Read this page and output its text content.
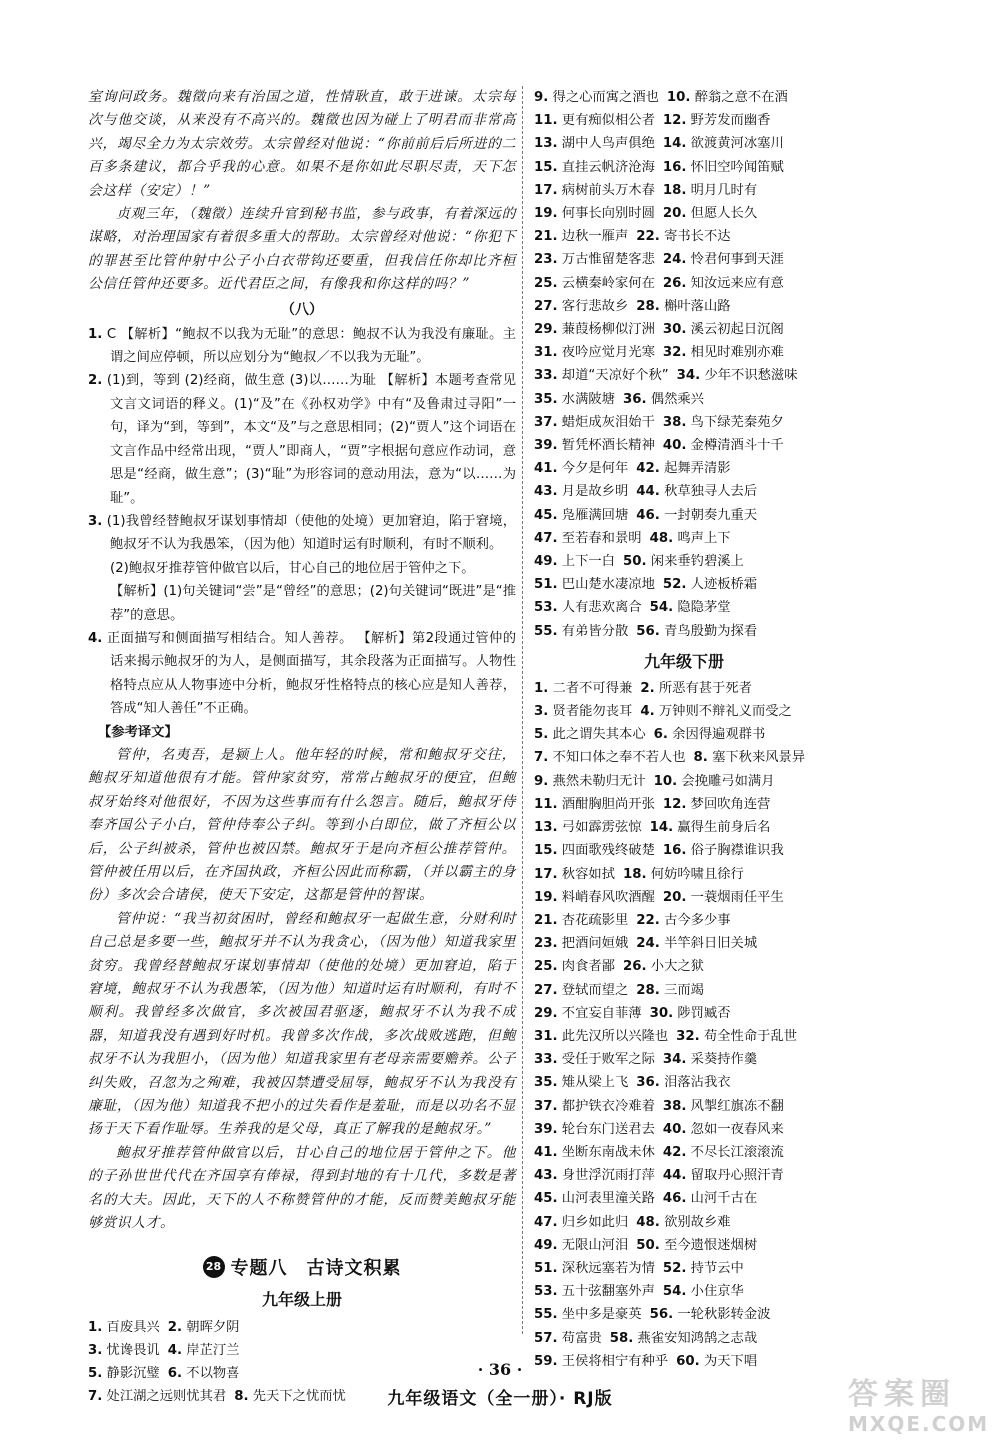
室询问政务。魏徵向来有治国之道，性情耿直，敢于进谏。太宗每次与他交谈，从来没有不高兴的。魏徵也因为碰上了明君而非常高兴，竭尽全力为太宗效劳。太宗曾经对他说：“你前前后后所进的二百多条建议，都合乎我的心意。如果不是你如此尽职尽责，天下怎会这样（安定）！”

贞观三年，（魏徵）连续升官到秘书监，参与政事，有着深远的谋略，对治理国家有着很多重大的帮助。太宗曾经对他说：“你犯下的罪甚至比管仲射中公子小白衣带钩还要重，但我信任你却比齐桓公信任管仲还要多。近代君臣之间，有像我和你这样的吗？”

（八）

1. C 【解析】“鲍叔不以我为无耻”的意思：鲍叔不认为我没有廉耻。主谓之间应停顿，所以应划分为“鲍叔／不以我为无耻”。

2. (1)到，等到 (2)经商，做生意 (3)以……为耻 【解析】本题考查常见文言文词语的释义。(1)“及”在《孙权劝学》中有“及鲁肃过寻阳”一句，译为“到，等到”，本文“及”与之意思相同；(2)“贾人”这个词语在文言作品中经常出现，“贾人”即商人，“贾”字根据句意应作动词，意思是“经商，做生意”；(3)“耻”为形容词的意动用法，意为“以……为耻”。

3. (1)我曾经替鲍叔牙谋划事情却（使他的处境）更加窘迫，陷于窘境，鲍叔牙不认为我愚笨，（因为他）知道时运有时顺利，有时不顺利。

(2)鲍叔牙推荐管仲做官以后，甘心自己的地位居于管仲之下。

【解析】(1)句关键词“尝”是“曾经”的意思；(2)句关键词“既进”是“推荐”的意思。

4. 正面描写和侧面描写相结合。知人善荐。 【解析】第2段通过管仲的话来揭示鲍叔牙的为人，是侧面描写，其余段落为正面描写。人物性格特点应从人物事迹中分析，鲍叔牙性格特点的核心应是知人善荐，答成“知人善任”不正确。

【参考译文】

管仲，名夷吾，是颍上人。他年轻的时候，常和鲍叔牙交往，鲍叔牙知道他很有才能。管仲家贫穷，常常占鲍叔牙的便宜，但鲍叔牙始终对他很好，不因为这些事而有什么怨言。随后，鲍叔牙侍奉齐国公子小白，管仲侍奉公子纠。等到小白即位，做了齐桓公以后，公子纠被杀，管仲也被囚禁。鲍叔牙于是向齐桓公推荐管仲。管仲被任用以后，在齐国执政，齐桓公因此而称霸，（并以霸主的身份）多次会合诸侯，使天下安定，这都是管仲的智谋。

管仲说：“我当初贫困时，曾经和鲍叔牙一起做生意，分财利时自己总是多要一些，鲍叔牙并不认为我贪心，（因为他）知道我家里贫穷。我曾经替鲍叔牙谋划事情却（使他的处境）更加窘迫，陷于窘境，鲍叔牙不认为我愚笨，（因为他）知道时运有时顺利，有时不顺利。我曾经多次做官，多次被国君驱逐，鲍叔牙不认为我不成器，知道我没有遇到好时机。我曾多次作战，多次战败逃跑，但鲍叔牙不认为我胆小，（因为他）知道我家里有老母亲需要赡养。公子纠失败，召忽为之殉难，我被囚禁遭受屈辱，鲍叔牙不认为我没有廉耻，（因为他）知道我不把小的过失看作是羞耻，而是以功名不显扬于天下看作耻辱。生养我的是父母，真正了解我的是鲍叔牙。”

鲍叔牙推荐管仲做官以后，甘心自己的地位居于管仲之下。他的子孙世世代代在齐国享有俸禄，得到封地的有十几代，多数是著名的大夫。因此，天下的人不称赞管仲的才能，反而赞美鲍叔牙能够赏识人才。

28 专题八　古诗文积累
九年级上册
1. 百废具兴 2. 朝晖夕阴
3. 忧谗畏讥 4. 岸芷汀兰
5. 静影沉璧 6. 不以物喜
7. 处江湖之远则忧其君 8. 先天下之忧而忧
9. 得之心而寓之酒也 10. 醉翁之意不在酒
11. 更有痴似相公者 12. 野芳发而幽香
13. 湖中人鸟声俱绝 14. 欲渡黄河冰塞川
15. 直挂云帆济沧海 16. 怀旧空吟闻笛赋
17. 病树前头万木春 18. 明月几时有
19. 何事长向别时圆 20. 但愿人长久
21. 边秋一雁声 22. 寄书长不达
23. 万古惟留楚客悲 24. 怜君何事到天涯
25. 云横秦岭家何在 26. 知汝远来应有意
27. 客行悲故乡 28. 槲叶落山路
29. 蒹葭杨柳似汀洲 30. 溪云初起日沉阁
31. 夜吟应觉月光寒 32. 相见时难别亦难
33. 却道“天凉好个秋” 34. 少年不识愁滋味
35. 水满陂塘 36. 偶然乘兴
37. 蜡炬成灰泪始干 38. 鸟下绿芜秦苑夕
39. 暂凭杯酒长精神 40. 金樽清酒斗十千
41. 今夕是何年 42. 起舞弄清影
43. 月是故乡明 44. 秋草独寻人去后
45. 凫雁满回塘 46. 一封朝奏九重天
47. 至若春和景明 48. 鸣声上下
49. 上下一白 50. 闲来垂钓碧溪上
51. 巴山楚水凄凉地 52. 人迹板桥霜
53. 人有悲欢离合 54. 隐隐茅堂
55. 有弟皆分散 56. 青鸟殷勤为探看
九年级下册
1. 二者不可得兼 2. 所恶有甚于死者
3. 贤者能勿丧耳 4. 万钟则不辩礼义而受之
5. 此之谓失其本心 6. 余因得遍观群书
7. 不知口体之奉不若人也 8. 塞下秋来风景异
9. 燕然未勒归无计 10. 会挽雕弓如满月
11. 酒酣胸胆尚开张 12. 梦回吹角连营
13. 弓如霹雳弦惊 14. 赢得生前身后名
15. 四面歌残终破楚 16. 俗子胸襟谁识我
17. 秋容如拭 18. 何妨吟啸且徐行
19. 料峭春风吹酒醒 20. 一蓑烟雨任平生
21. 杏花疏影里 22. 古今多少事
23. 把酒问姮娥 24. 半竿斜日旧关城
25. 肉食者鄙 26. 小大之狱
27. 登轼而望之 28. 三而竭
29. 不宜妄自菲薄 30. 陟罚臧否
31. 此先汉所以兴隆也 32. 苟全性命于乱世
33. 受任于败军之际 34. 采葵持作羹
35. 雉从梁上飞 36. 泪落沾我衣
37. 都护铁衣冷难着 38. 风掣红旗冻不翻
39. 轮台东门送君去 40. 忽如一夜春风来
41. 坐断东南战未休 42. 不尽长江滚滚流
43. 身世浮沉雨打萍 44. 留取丹心照汗青
45. 山河表里潼关路 46. 山河千古在
47. 归乡如此归 48. 欲别故乡难
49. 无限山河泪 50. 至今遗恨迷烟树
51. 深秋远塞若为情 52. 持节云中
53. 五十弦翻塞外声 54. 小住京华
55. 坐中多是豪英 56. 一轮秋影转金波
57. 苟富贵 58. 燕雀安知鸿鹄之志哉
59. 王侯将相宁有种乎 60. 为天下唱
· 36 ·
九年级语文（全一册）· RJ版	答案圈
MXQE.COM
